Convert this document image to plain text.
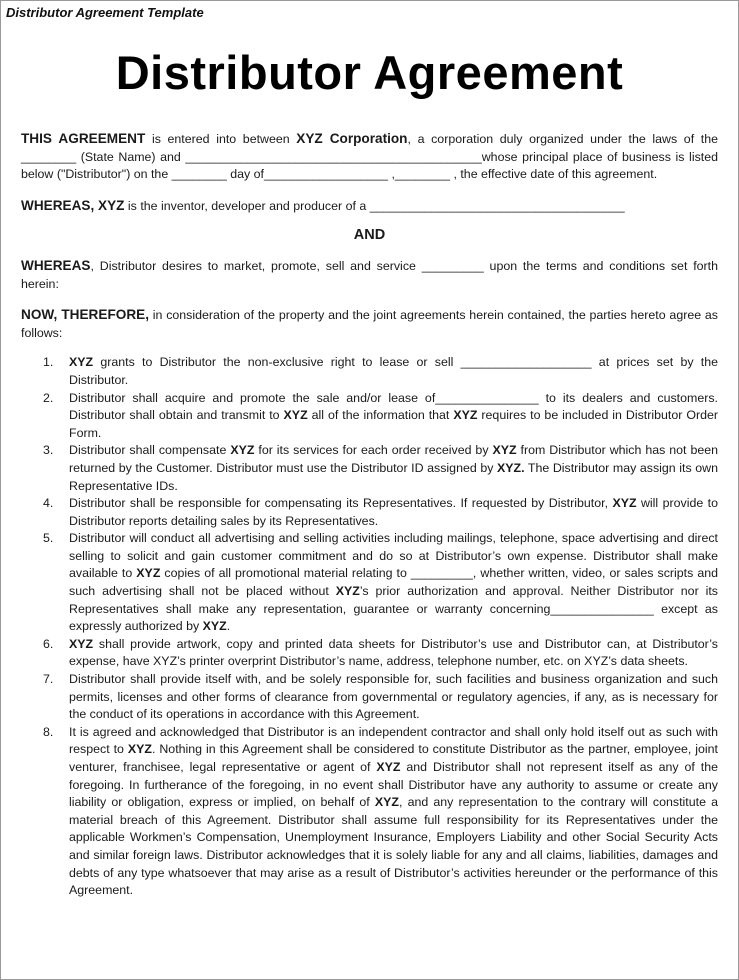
Distributor Agreement Template
Distributor Agreement

THIS AGREEMENT is entered into between XYZ Corporation, a corporation duly organized under the laws of the ________ (State Name) and ___________________________________________whose principal place of business is listed below ("Distributor") on the ________ day of__________________ ,________ , the effective date of this agreement.

WHEREAS, XYZ is the inventor, developer and producer of a _____________________________________

AND

WHEREAS, Distributor desires to market, promote, sell and service _________ upon the terms and conditions set forth herein:

NOW, THEREFORE, in consideration of the property and the joint agreements herein contained, the parties hereto agree as follows:

1.	XYZ grants to Distributor the non-exclusive right to lease or sell ___________________ at prices set by the Distributor.
2.	Distributor shall acquire and promote the sale and/or lease of_______________ to its dealers and customers. Distributor shall obtain and transmit to XYZ all of the information that XYZ requires to be included in Distributor Order Form.
3.	Distributor shall compensate XYZ for its services for each order received by XYZ from Distributor which has not been returned by the Customer. Distributor must use the Distributor ID assigned by XYZ. The Distributor may assign its own Representative IDs.
4.	Distributor shall be responsible for compensating its Representatives. If requested by Distributor, XYZ will provide to Distributor reports detailing sales by its Representatives.
5.	Distributor will conduct all advertising and selling activities including mailings, telephone, space advertising and direct selling to solicit and gain customer commitment and do so at Distributor’s own expense. Distributor shall make available to XYZ copies of all promotional material relating to _________, whether written, video, or sales scripts and such advertising shall not be placed without XYZ’s prior authorization and approval. Neither Distributor nor its Representatives shall make any representation, guarantee or warranty concerning_______________ except as expressly authorized by XYZ.
6.	XYZ shall provide artwork, copy and printed data sheets for Distributor’s use and Distributor can, at Distributor’s expense, have XYZ’s printer overprint Distributor’s name, address, telephone number, etc. on XYZ’s data sheets.
7.	Distributor shall provide itself with, and be solely responsible for, such facilities and business organization and such permits, licenses and other forms of clearance from governmental or regulatory agencies, if any, as is necessary for the conduct of its operations in accordance with this Agreement.
8.	It is agreed and acknowledged that Distributor is an independent contractor and shall only hold itself out as such with respect to XYZ. Nothing in this Agreement shall be considered to constitute Distributor as the partner, employee, joint venturer, franchisee, legal representative or agent of XYZ and Distributor shall not represent itself as any of the foregoing. In furtherance of the foregoing, in no event shall Distributor have any authority to assume or create any liability or obligation, express or implied, on behalf of XYZ, and any representation to the contrary will constitute a material breach of this Agreement. Distributor shall assume full responsibility for its Representatives under the applicable Workmen’s Compensation, Unemployment Insurance, Employers Liability and other Social Security Acts and similar foreign laws. Distributor acknowledges that it is solely liable for any and all claims, liabilities, damages and debts of any type whatsoever that may arise as a result of Distributor’s activities hereunder or the performance of this Agreement.
